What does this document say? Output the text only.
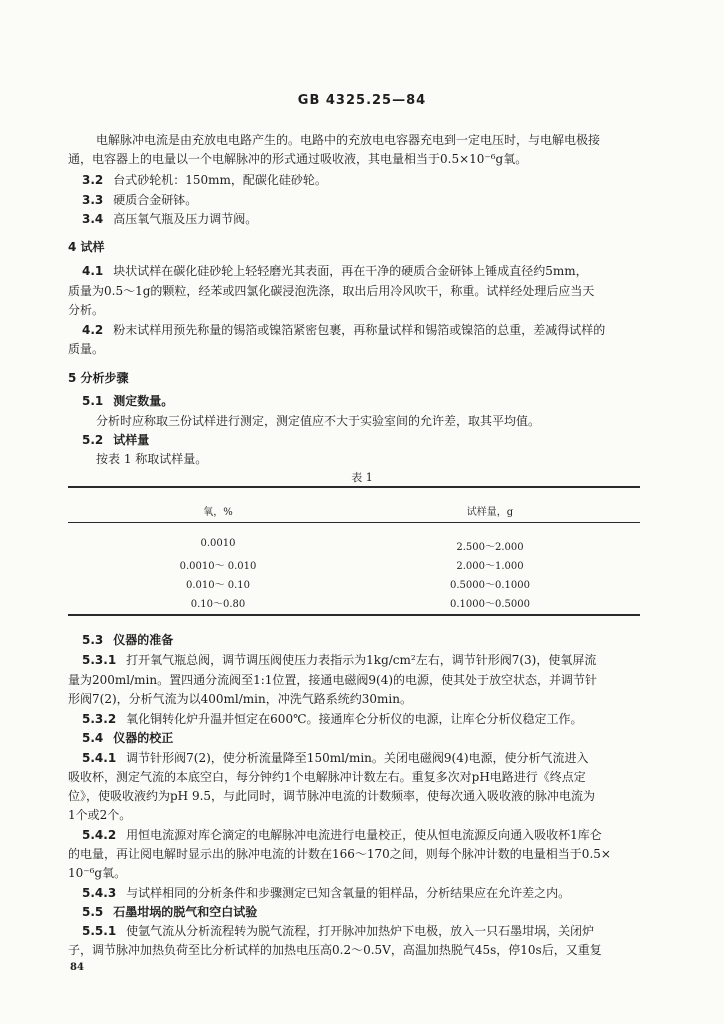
GB 4325.25—84
电解脉冲电流是由充放电电路产生的。电路中的充放电电容器充电到一定电压时，与电解电极接
通，电容器上的电量以一个电解脉冲的形式通过吸收液，其电量相当于0.5×10⁻⁶g氧。
3.2 台式砂轮机：150mm，配碳化硅砂轮。
3.3 硬质合金研钵。
3.4 高压氧气瓶及压力调节阀。
4 试样
4.1 块状试样在碳化硅砂轮上轻轻磨光其表面，再在干净的硬质合金研钵上锤成直径约5mm，
质量为0.5～1g的颗粒，经苯或四氯化碳浸泡洗涤，取出后用冷风吹干，称重。试样经处理后应当天
分析。
4.2 粉末试样用预先称量的锡箔或镍箔紧密包裹，再称量试样和锡箔或镍箔的总重，差减得试样的
质量。
5 分析步骤
5.1 测定数量。
分析时应称取三份试样进行测定，测定值应不大于实验室间的允许差，取其平均值。
5.2 试样量
按表 1 称取试样量。
表 1
氧，%	试样量，g
0.0010	2.500～2.000
0.0010～ 0.010	2.000～1.000
0.010～ 0.10	0.5000～0.1000
0.10～0.80	0.1000～0.5000
5.3 仪器的准备
5.3.1 打开氧气瓶总阀，调节调压阀使压力表指示为1kg/cm²左右，调节针形阀7(3)，使氧屏流
量为200ml/min。置四通分流阀至1:1位置，接通电磁阀9(4)的电源，使其处于放空状态，并调节针
形阀7(2)，分析气流为以400ml/min，冲洗气路系统约30min。
5.3.2 氧化铜转化炉升温并恒定在600℃。接通库仑分析仪的电源，让库仑分析仪稳定工作。
5.4 仪器的校正
5.4.1 调节针形阀7(2)，使分析流量降至150ml/min。关闭电磁阀9(4)电源，使分析气流进入
吸收杯，测定气流的本底空白，每分钟约1个电解脉冲计数左右。重复多次对pH电路进行《终点定
位》，使吸收液约为pH 9.5，与此同时，调节脉冲电流的计数频率，使每次通入吸收液的脉冲电流为
1个或2个。
5.4.2 用恒电流源对库仑滴定的电解脉冲电流进行电量校正，使从恒电流源反向通入吸收杯1库仑
的电量，再让阅电解时显示出的脉冲电流的计数在166～170之间，则每个脉冲计数的电量相当于0.5×
10⁻⁶g氧。
5.4.3 与试样相同的分析条件和步骤测定已知含氧量的钼样品，分析结果应在允许差之内。
5.5 石墨坩埚的脱气和空白试验
5.5.1 使氩气流从分析流程转为脱气流程，打开脉冲加热炉下电极，放入一只石墨坩埚，关闭炉
子，调节脉冲加热负荷至比分析试样的加热电压高0.2～0.5V，高温加热脱气45s，停10s后，又重复
84
